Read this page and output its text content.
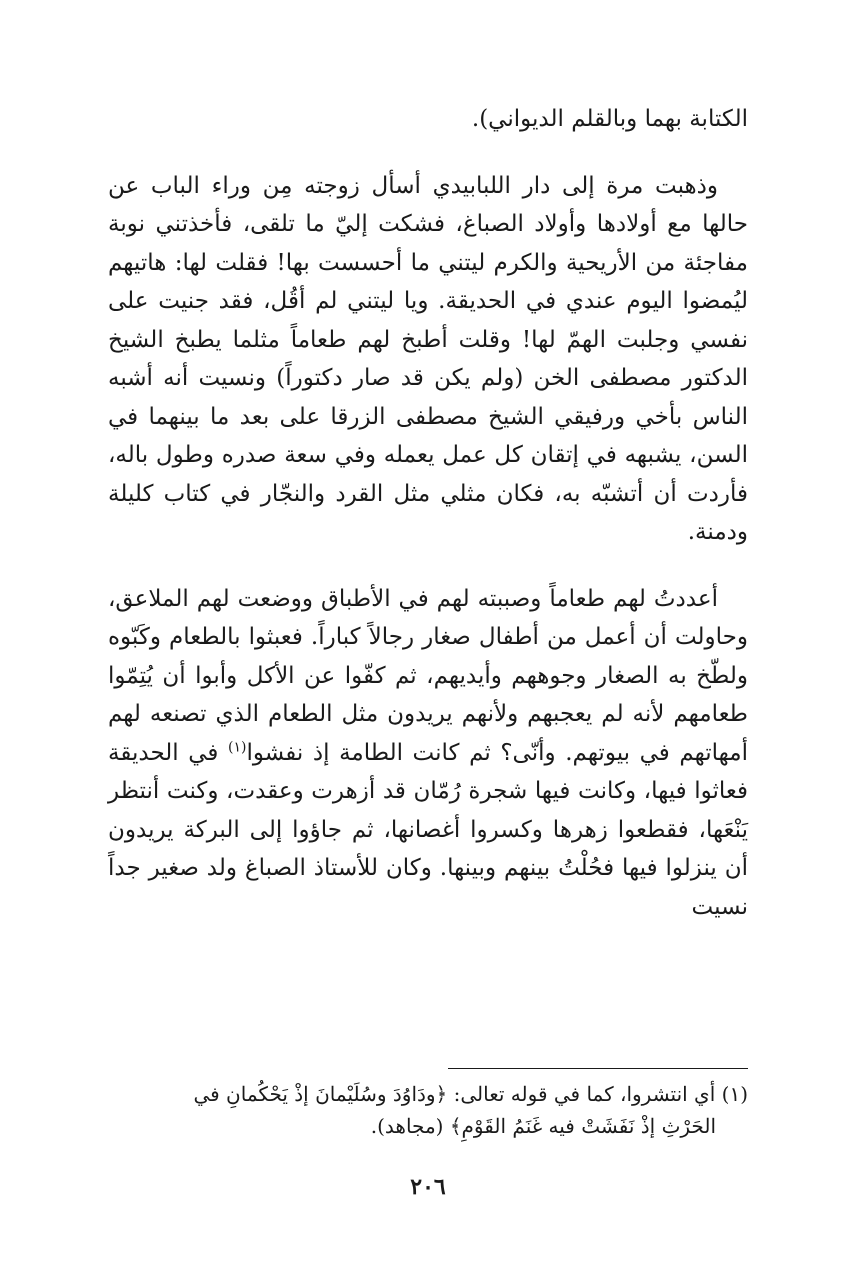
الكتابة بهما وبالقلم الديواني).

وذهبت مرة إلى دار اللبابيدي أسأل زوجته مِن وراء الباب عن حالها مع أولادها وأولاد الصباغ، فشكت إليّ ما تلقى، فأخذتني نوبة مفاجئة من الأريحية والكرم ليتني ما أحسست بها! فقلت لها: هاتيهم ليُمضوا اليوم عندي في الحديقة. ويا ليتني لم أقُل، فقد جنيت على نفسي وجلبت الهمّ لها! وقلت أطبخ لهم طعاماً مثلما يطبخ الشيخ الدكتور مصطفى الخن (ولم يكن قد صار دكتوراً) ونسيت أنه أشبه الناس بأخي ورفيقي الشيخ مصطفى الزرقا على بعد ما بينهما في السن، يشبهه في إتقان كل عمل يعمله وفي سعة صدره وطول باله، فأردت أن أتشبّه به، فكان مثلي مثل القرد والنجّار في كتاب كليلة ودمنة.

أعددتُ لهم طعاماً وصببته لهم في الأطباق ووضعت لهم الملاعق، وحاولت أن أعمل من أطفال صغار رجالاً كباراً. فعبثوا بالطعام وكَبّوه ولطّخ به الصغار وجوههم وأيديهم، ثم كفّوا عن الأكل وأبوا أن يُتِمّوا طعامهم لأنه لم يعجبهم ولأنهم يريدون مثل الطعام الذي تصنعه لهم أمهاتهم في بيوتهم. وأنّى؟ ثم كانت الطامة إذ نفشوا$^{(١)}$ في الحديقة فعاثوا فيها، وكانت فيها شجرة رُمّان قد أزهرت وعقدت، وكنت أنتظر يَنْعَها، فقطعوا زهرها وكسروا أغصانها، ثم جاؤوا إلى البركة يريدون أن ينزلوا فيها فحُلْتُ بينهم وبينها. وكان للأستاذ الصباغ ولد صغير جداً نسيت

(١) أي انتشروا، كما في قوله تعالى: ﴿ودَاوُدَ وسُلَيْمانَ إذْ يَحْكُمانِ في

الحَرْثِ إذْ نَفَشَتْ فيه غَنَمُ القَوْمِ﴾ (مجاهد).

٢٠٦
